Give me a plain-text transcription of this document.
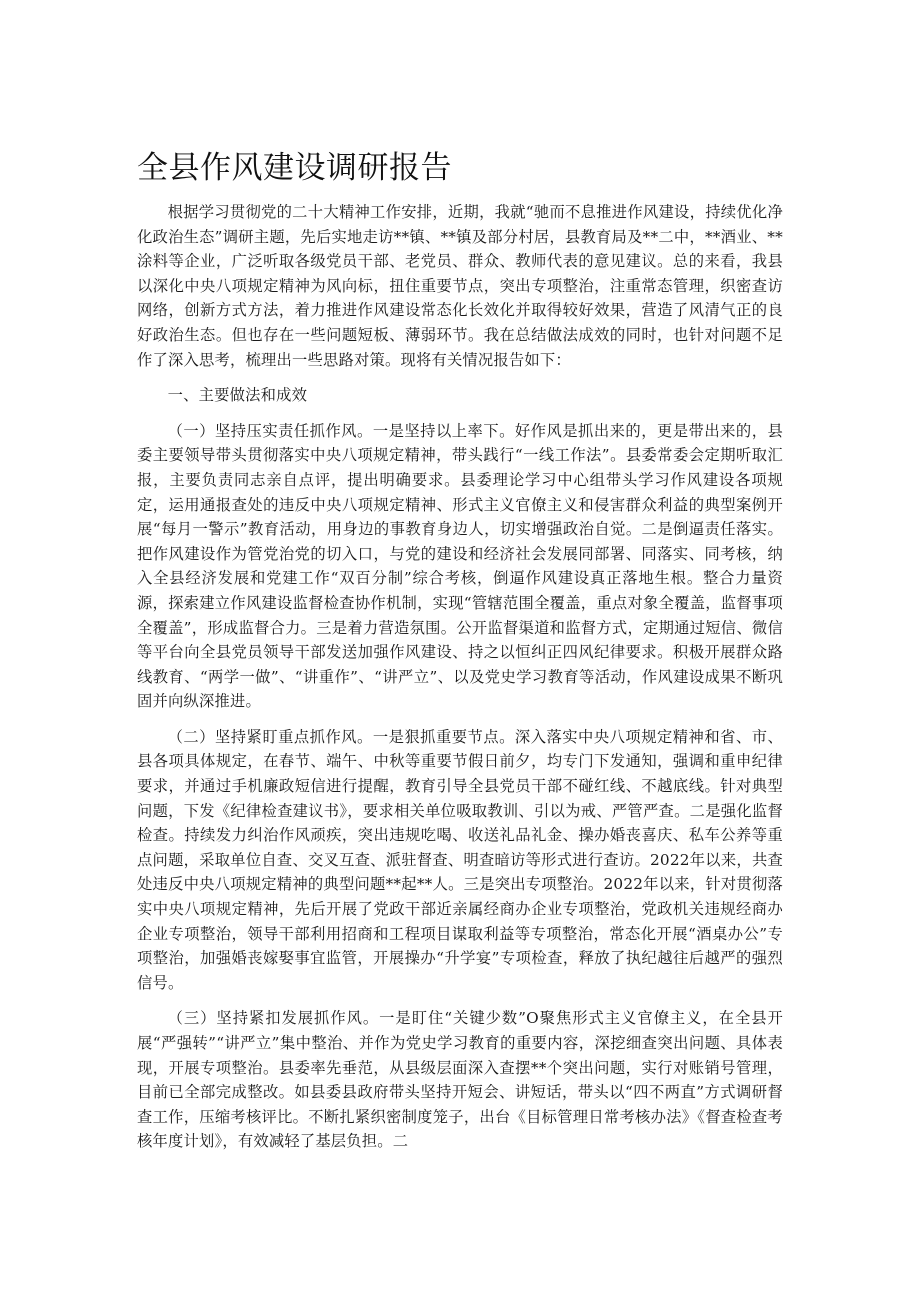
全县作风建设调研报告

根据学习贯彻党的二十大精神工作安排，近期，我就“驰而不息推进作风建设，持续优化净化政治生态”调研主题，先后实地走访**镇、**镇及部分村居，县教育局及**二中，**酒业、**涂料等企业，广泛听取各级党员干部、老党员、群众、教师代表的意见建议。总的来看，我县以深化中央八项规定精神为风向标，扭住重要节点，突出专项整治，注重常态管理，织密查访网络，创新方式方法，着力推进作风建设常态化长效化并取得较好效果，营造了风清气正的良好政治生态。但也存在一些问题短板、薄弱环节。我在总结做法成效的同时，也针对问题不足作了深入思考，梳理出一些思路对策。现将有关情况报告如下：

一、主要做法和成效

（一）坚持压实责任抓作风。一是坚持以上率下。好作风是抓出来的，更是带出来的，县委主要领导带头贯彻落实中央八项规定精神，带头践行“一线工作法”。县委常委会定期听取汇报，主要负责同志亲自点评，提出明确要求。县委理论学习中心组带头学习作风建设各项规定，运用通报查处的违反中央八项规定精神、形式主义官僚主义和侵害群众利益的典型案例开展“每月一警示”教育活动，用身边的事教育身边人，切实增强政治自觉。二是倒逼责任落实。把作风建设作为管党治党的切入口，与党的建设和经济社会发展同部署、同落实、同考核，纳入全县经济发展和党建工作“双百分制”综合考核，倒逼作风建设真正落地生根。整合力量资源，探索建立作风建设监督检查协作机制，实现“管辖范围全覆盖，重点对象全覆盖，监督事项全覆盖”，形成监督合力。三是着力营造氛围。公开监督渠道和监督方式，定期通过短信、微信等平台向全县党员领导干部发送加强作风建设、持之以恒纠正四风纪律要求。积极开展群众路线教育、“两学一做”、“讲重作”、“讲严立”、以及党史学习教育等活动，作风建设成果不断巩固并向纵深推进。

（二）坚持紧盯重点抓作风。一是狠抓重要节点。深入落实中央八项规定精神和省、市、县各项具体规定，在春节、端午、中秋等重要节假日前夕，均专门下发通知，强调和重申纪律要求，并通过手机廉政短信进行提醒，教育引导全县党员干部不碰红线、不越底线。针对典型问题，下发《纪律检查建议书》，要求相关单位吸取教训、引以为戒、严管严查。二是强化监督检查。持续发力纠治作风顽疾，突出违规吃喝、收送礼品礼金、操办婚丧喜庆、私车公养等重点问题，采取单位自查、交叉互查、派驻督查、明查暗访等形式进行查访。2022年以来，共查处违反中央八项规定精神的典型问题**起**人。三是突出专项整治。2022年以来，针对贯彻落实中央八项规定精神，先后开展了党政干部近亲属经商办企业专项整治，党政机关违规经商办企业专项整治，领导干部利用招商和工程项目谋取利益等专项整治，常态化开展“酒桌办公”专项整治，加强婚丧嫁娶事宜监管，开展操办“升学宴”专项检查，释放了执纪越往后越严的强烈信号。

（三）坚持紧扣发展抓作风。一是盯住“关键少数”O聚焦形式主义官僚主义，在全县开展“严强转”“讲严立”集中整治、并作为党史学习教育的重要内容，深挖细查突出问题、具体表现，开展专项整治。县委率先垂范，从县级层面深入查摆**个突出问题，实行对账销号管理，目前已全部完成整改。如县委县政府带头坚持开短会、讲短话，带头以“四不两直”方式调研督查工作，压缩考核评比。不断扎紧织密制度笼子，出台《目标管理日常考核办法》《督查检查考核年度计划》，有效减轻了基层负担。二
